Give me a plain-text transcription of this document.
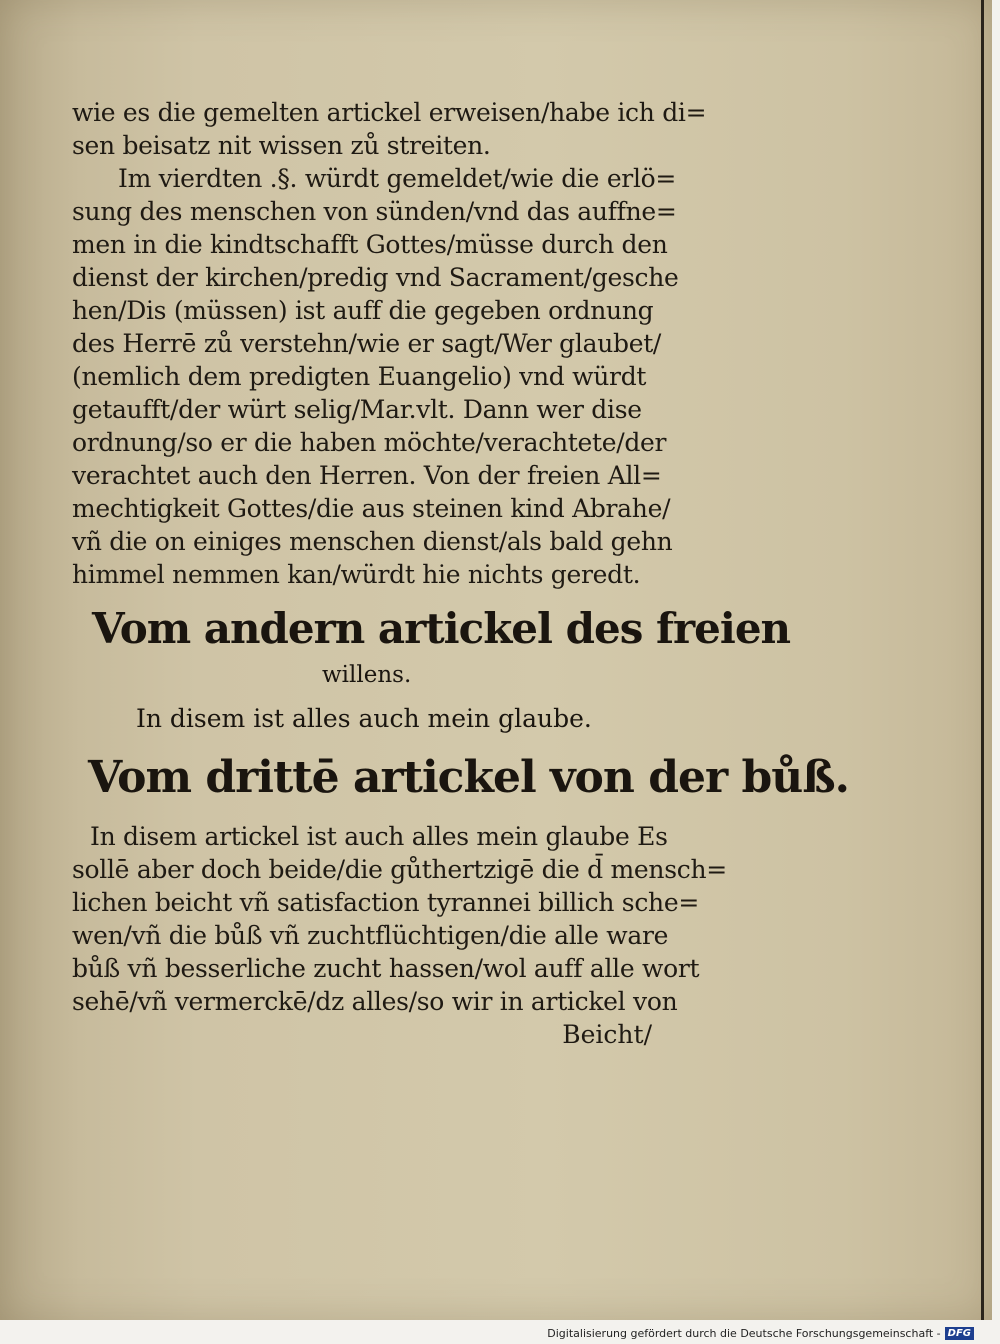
wie es die gemelten artickel erweisen/habe ich di=
sen beisatz nit wissen zů streiten.
Im vierdten .§. würdt gemeldet/wie die erlö=
sung des menschen von sünden/vnd das auffne=
men in die kindtschafft Gottes/müsse durch den
dienst der kirchen/predig vnd Sacrament/gesche
hen/Dis (müssen) ist auff die gegeben ordnung
des Herrē zů verstehn/wie er sagt/Wer glaubet/
(nemlich dem predigten Euangelio) vnd würdt
getaufft/der würt selig/Mar.vlt. Dann wer dise
ordnung/so er die haben möchte/verachtete/der
verachtet auch den Herren. Von der freien All=
mechtigkeit Gottes/die aus steinen kind Abrahe/
vñ die on einiges menschen dienst/als bald gehn
himmel nemmen kan/würdt hie nichts geredt.
Vom andern artickel des freien
willens.
In disem ist alles auch mein glaube.
Vom drittē artickel von der bůß.
In disem artickel ist auch alles mein glaube Es
sollē aber doch beide/die gůthertzigē die d̄ mensch=
lichen beicht vñ satisfaction tyrannei billich sche=
wen/vñ die bůß vñ zuchtflüchtigen/die alle ware
bůß vñ besserliche zucht hassen/wol auff alle wort
sehē/vñ vermerckē/dz alles/so wir in artickel von
Beicht/
Digitalisierung gefördert durch die Deutsche Forschungsgemeinschaft - DFG
